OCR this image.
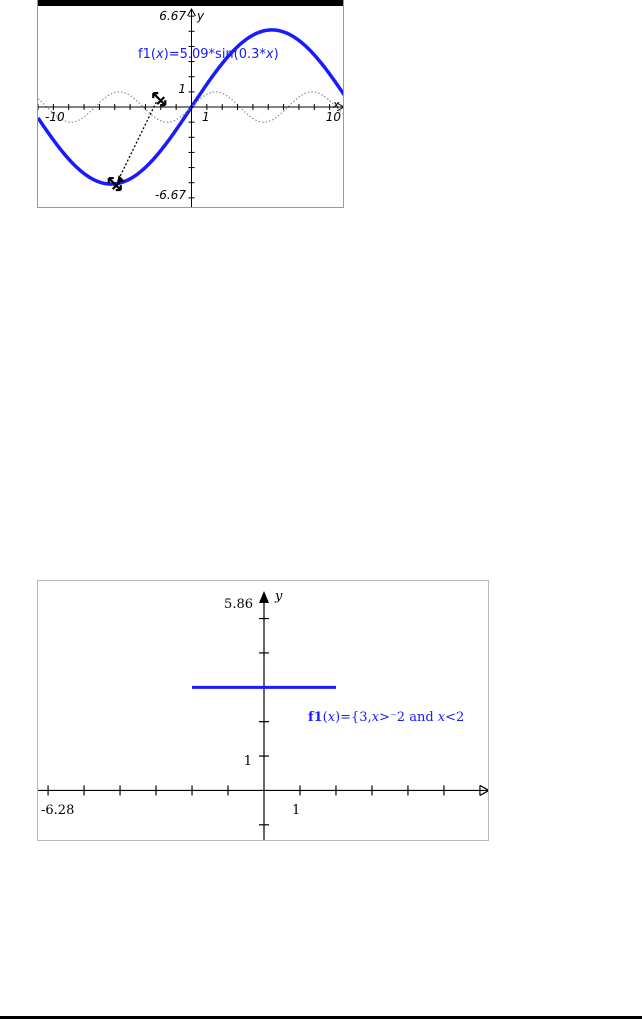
6.67
-6.67
1
-10	10
1
y
x
f1(x)=5.09*sin(0.3*x)
5.86
1
-6.28	1
y
f1(x)={3,x>⁻2 and x<2
